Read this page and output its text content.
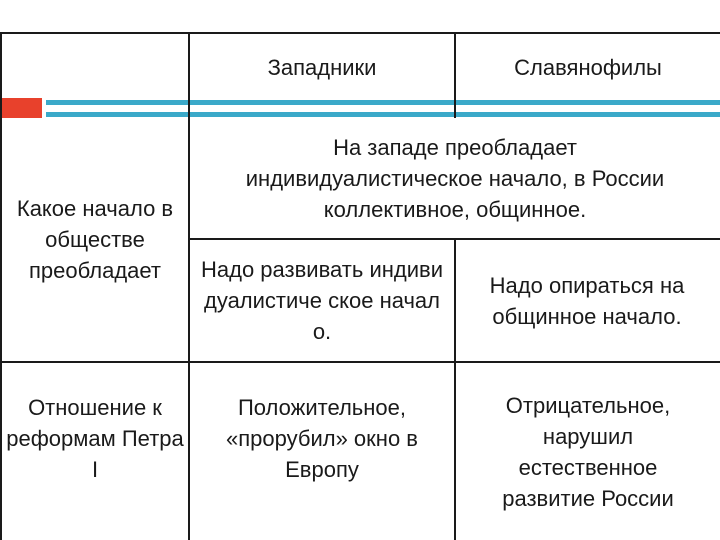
Западники	Славянофилы
Какое начало в обществе преобладает
На западе преобладает индивидуалистическое начало, в России коллективное, общинное.
Надо развивать индивидуалистиче ское начало.
Надо опираться на общинное начало.
Отношение к реформам Петра I
Положительное, «прорубил» окно в Европу
Отрицательное, нарушил естественное развитие России
